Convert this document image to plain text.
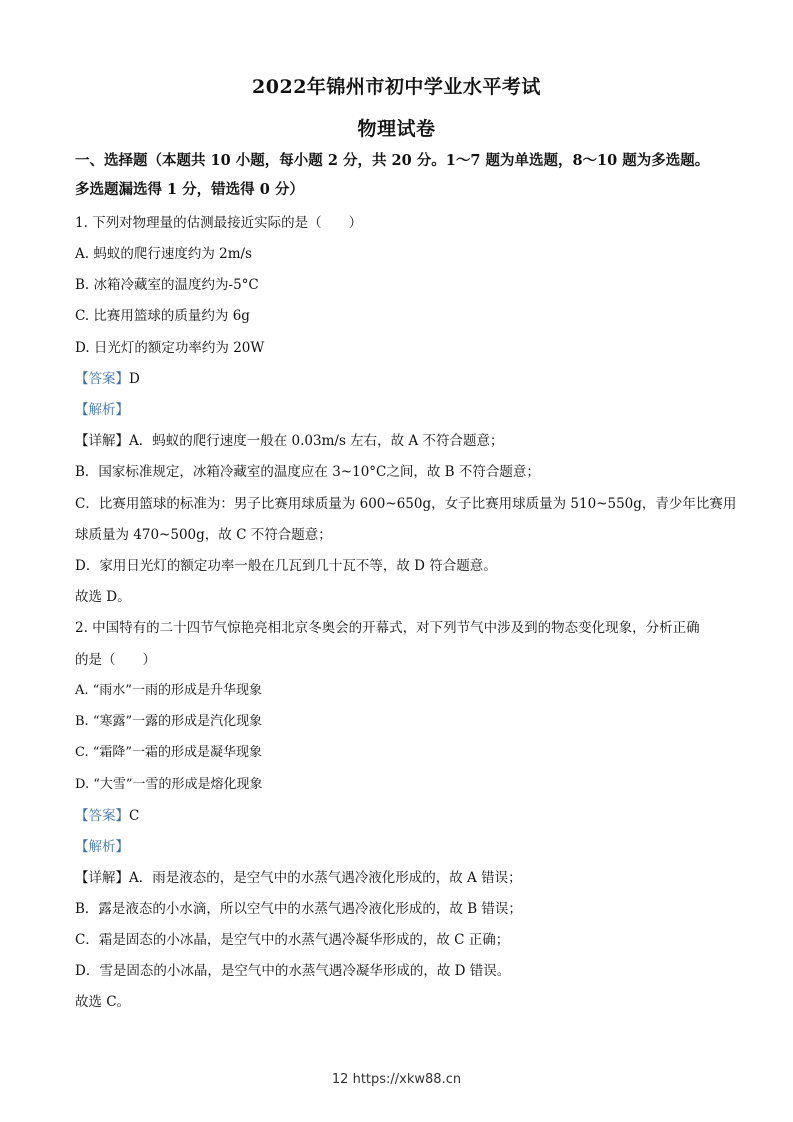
2022年锦州市初中学业水平考试
物理试卷
一、选择题（本题共 10 小题，每小题 2 分，共 20 分。1～7 题为单选题，8～10 题为多选题。
多选题漏选得 1 分，错选得 0 分）
1. 下列对物理量的估测最接近实际的是（　　）
A. 蚂蚁的爬行速度约为 2m/s
B. 冰箱冷藏室的温度约为-5°C
C. 比赛用篮球的质量约为 6g
D. 日光灯的额定功率约为 20W
【答案】D
【解析】
【详解】A．蚂蚁的爬行速度一般在 0.03m/s 左右，故 A 不符合题意；
B．国家标准规定，冰箱冷藏室的温度应在 3~10°C之间，故 B 不符合题意；
C．比赛用篮球的标准为：男子比赛用球质量为 600~650g，女子比赛用球质量为 510~550g，青少年比赛用
球质量为 470~500g，故 C 不符合题意；
D．家用日光灯的额定功率一般在几瓦到几十瓦不等，故 D 符合题意。
故选 D。
2. 中国特有的二十四节气惊艳亮相北京冬奥会的开幕式，对下列节气中涉及到的物态变化现象，分析正确
的是（　　）
A. “雨水”一雨的形成是升华现象
B. “寒露”一露的形成是汽化现象
C. “霜降”一霜的形成是凝华现象
D. “大雪”一雪的形成是熔化现象
【答案】C
【解析】
【详解】A．雨是液态的，是空气中的水蒸气遇冷液化形成的，故 A 错误；
B．露是液态的小水滴，所以空气中的水蒸气遇冷液化形成的，故 B 错误；
C．霜是固态的小冰晶，是空气中的水蒸气遇冷凝华形成的，故 C 正确；
D．雪是固态的小冰晶，是空气中的水蒸气遇冷凝华形成的，故 D 错误。
故选 C。
12 https://xkw88.cn
